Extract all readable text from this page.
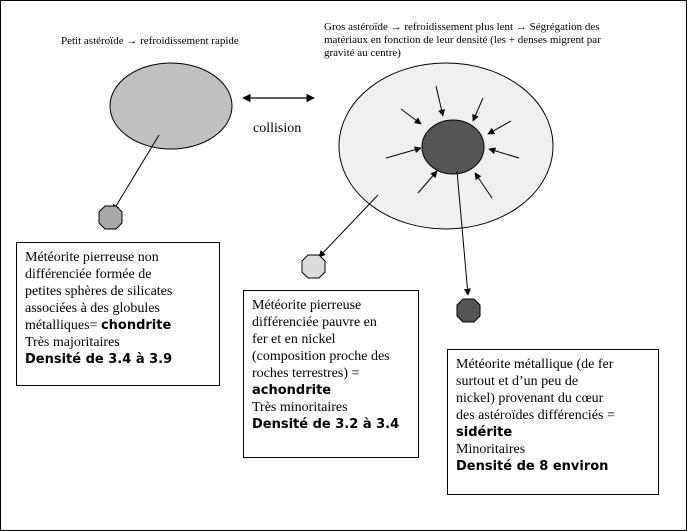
Petit astéroïde → refroidissement rapide
Gros astéroïde → refroidissement plus lent → Ségrégation des
matériaux en fonction de leur densité (les + denses migrent par
gravité au centre)
collision
Météorite pierreuse non
différenciée formée de
petites sphères de silicates
associées à des globules
métalliques= chondrite
Très majoritaires
Densité de 3.4 à 3.9
Météorite pierreuse
différenciée pauvre en
fer et en nickel
(composition proche des
roches terrestres) =
achondrite
Très minoritaires
Densité de 3.2 à 3.4
Météorite métallique (de fer
surtout et d’un peu de
nickel) provenant du cœur
des astéroïdes différenciés =
sidérite
Minoritaires
Densité de 8 environ
